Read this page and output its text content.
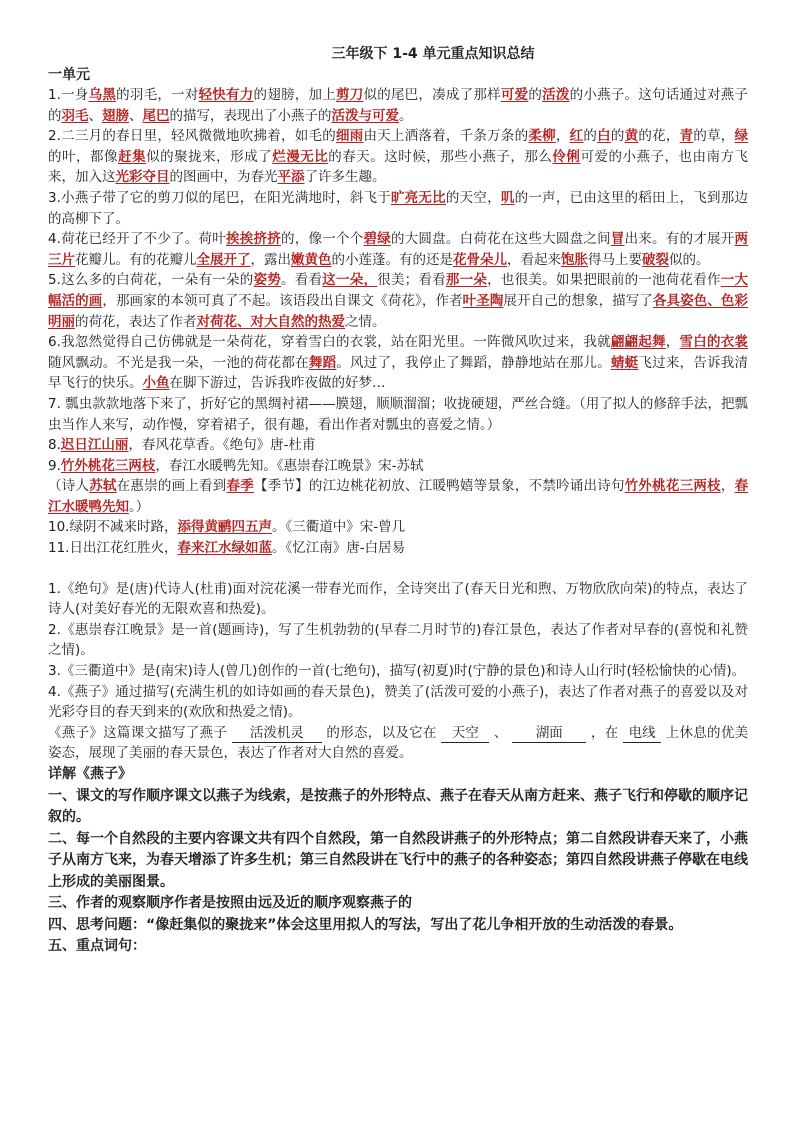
三年级下 1-4 单元重点知识总结
一单元

1.一身乌黑的羽毛，一对轻快有力的翅膀，加上剪刀似的尾巴，凑成了那样可爱的活泼的小燕子。这句话通过对燕子的羽毛、翅膀、尾巴的描写，表现出了小燕子的活泼与可爱。

2.二三月的春日里，轻风微微地吹拂着，如毛的细雨由天上洒落着，千条万条的柔柳，红的白的黄的花，青的草，绿的叶，都像赶集似的聚拢来，形成了烂漫无比的春天。这时候，那些小燕子，那么伶俐可爱的小燕子，也由南方飞来，加入这光彩夺目的图画中，为春光平添了许多生趣。

3.小燕子带了它的剪刀似的尾巴，在阳光满地时，斜飞于旷亮无比的天空，叽的一声，已由这里的稻田上，飞到那边的高柳下了。

4.荷花已经开了不少了。荷叶挨挨挤挤的，像一个个碧绿的大圆盘。白荷花在这些大圆盘之间冒出来。有的才展开两三片花瓣儿。有的花瓣儿全展开了，露出嫩黄色的小莲蓬。有的还是花骨朵儿，看起来饱胀得马上要破裂似的。

5.这么多的白荷花，一朵有一朵的姿势。看看这一朵，很美；看看那一朵，也很美。如果把眼前的一池荷花看作一大幅活的画，那画家的本领可真了不起。该语段出自课文《荷花》，作者叶圣陶展开自己的想象，描写了各具姿色、色彩明丽的荷花，表达了作者对荷花、对大自然的热爱之情。

6.我忽然觉得自己仿佛就是一朵荷花，穿着雪白的衣裳，站在阳光里。一阵微风吹过来，我就翩翩起舞，雪白的衣裳随风飘动。不光是我一朵，一池的荷花都在舞蹈。风过了，我停止了舞蹈，静静地站在那儿。蜻蜓飞过来，告诉我清早飞行的快乐。小鱼在脚下游过，告诉我昨夜做的好梦…

7. 瓢虫款款地落下来了，折好它的黑绸衬裙——膜翅，顺顺溜溜；收拢硬翅，严丝合缝。（用了拟人的修辞手法，把瓢虫当作人来写，动作慢，穿着裙子，很有趣，看出作者对瓢虫的喜爱之情。）

8.迟日江山丽，春风花草香。《绝句》唐-杜甫

9.竹外桃花三两枝，春江水暖鸭先知。《惠崇春江晚景》宋-苏轼

（诗人苏轼在惠崇的画上看到春季【季节】的江边桃花初放、江暖鸭嬉等景象，不禁吟诵出诗句竹外桃花三两枝，春江水暖鸭先知。）

10.绿阴不减来时路，添得黄鹂四五声。《三衢道中》宋-曾几

11.日出江花红胜火，春来江水绿如蓝。《忆江南》唐-白居易

1.《绝句》是(唐)代诗人(杜甫)面对浣花溪一带春光而作，全诗突出了(春天日光和煦、万物欣欣向荣)的特点，表达了诗人(对美好春光的无限欢喜和热爱)。

2.《惠崇春江晚景》是一首(题画诗)，写了生机勃勃的(早春二月时节的)春江景色，表达了作者对早春的(喜悦和礼赞之情)。

3.《三衢道中》是(南宋)诗人(曾几)创作的一首(七绝句)，描写(初夏)时(宁静的景色)和诗人山行时(轻松愉快的心情)。

4.《燕子》通过描写(充满生机的如诗如画的春天景色)，赞美了(活泼可爱的小燕子)，表达了作者对燕子的喜爱以及对光彩夺目的春天到来的(欢欣和热爱之情)。

《燕子》这篇课文描写了燕子 活泼机灵 的形态，以及它在 天空 、 湖面 ，在 电线 上休息的优美姿态，展现了美丽的春天景色，表达了作者对大自然的喜爱。

详解《燕子》
一、课文的写作顺序课文以燕子为线索，是按燕子的外形特点、燕子在春天从南方赶来、燕子飞行和停歇的顺序记叙的。
二、每一个自然段的主要内容课文共有四个自然段，第一自然段讲燕子的外形特点；第二自然段讲春天来了，小燕子从南方飞来，为春天增添了许多生机；第三自然段讲在飞行中的燕子的各种姿态；第四自然段讲燕子停歇在电线上形成的美丽图景。
三、作者的观察顺序作者是按照由远及近的顺序观察燕子的
四、思考问题：“像赶集似的聚拢来”体会这里用拟人的写法，写出了花儿争相开放的生动活泼的春景。
五、重点词句：
